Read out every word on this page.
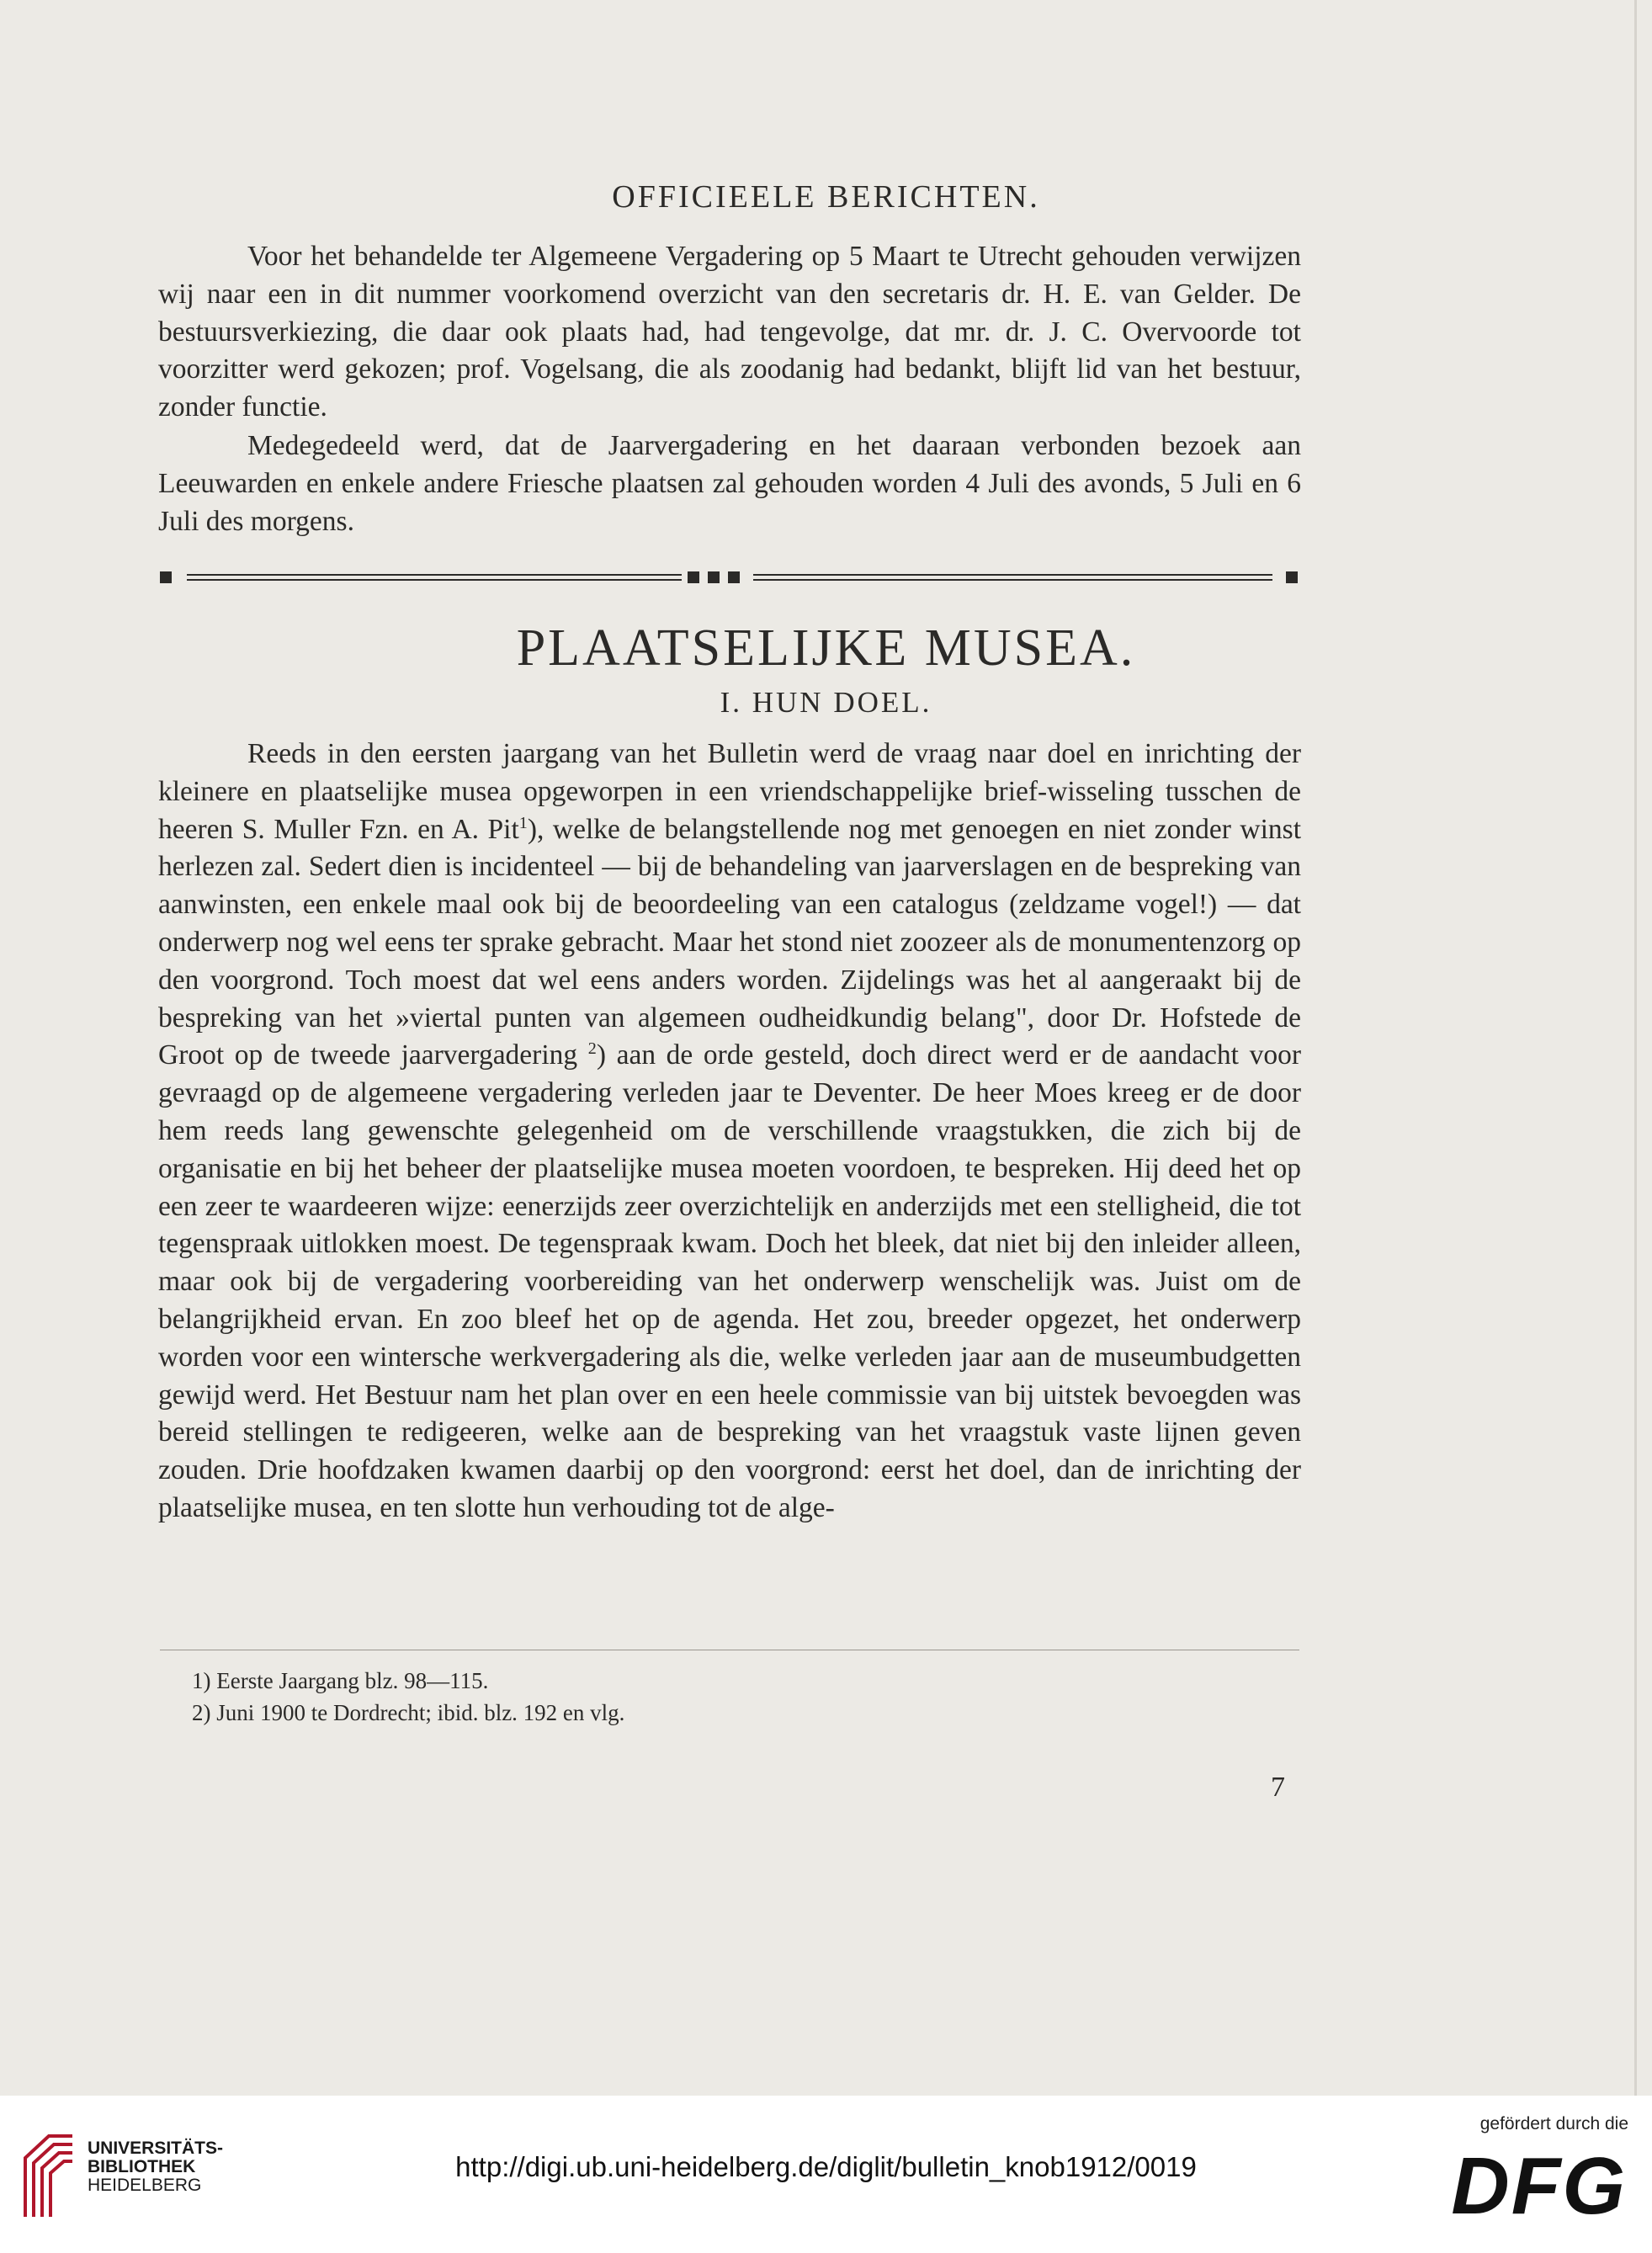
OFFICIEELE BERICHTEN.

Voor het behandelde ter Algemeene Vergadering op 5 Maart te Utrecht gehouden verwijzen wij naar een in dit nummer voorkomend overzicht van den secretaris dr. H. E. van Gelder. De bestuursverkiezing, die daar ook plaats had, had tengevolge, dat mr. dr. J. C. Overvoorde tot voorzitter werd gekozen; prof. Vogelsang, die als zoodanig had bedankt, blijft lid van het bestuur, zonder functie.

Medegedeeld werd, dat de Jaarvergadering en het daaraan verbonden bezoek aan Leeuwarden en enkele andere Friesche plaatsen zal gehouden worden 4 Juli des avonds, 5 Juli en 6 Juli des morgens.

PLAATSELIJKE MUSEA.
I. HUN DOEL.

Reeds in den eersten jaargang van het Bulletin werd de vraag naar doel en inrichting der kleinere en plaatselijke musea opgeworpen in een vriendschappelijke brief-wisseling tusschen de heeren S. Muller Fzn. en A. Pit$^1$), welke de belangstellende nog met genoegen en niet zonder winst herlezen zal. Sedert dien is incidenteel — bij de behandeling van jaarverslagen en de bespreking van aanwinsten, een enkele maal ook bij de beoordeeling van een catalogus (zeldzame vogel!) — dat onderwerp nog wel eens ter sprake gebracht. Maar het stond niet zoozeer als de monumentenzorg op den voorgrond. Toch moest dat wel eens anders worden. Zijdelings was het al aangeraakt bij de bespreking van het »viertal punten van algemeen oudheidkundig belang", door Dr. Hofstede de Groot op de tweede jaarvergadering $^2$) aan de orde gesteld, doch direct werd er de aandacht voor gevraagd op de algemeene vergadering verleden jaar te Deventer. De heer Moes kreeg er de door hem reeds lang gewenschte gelegenheid om de verschillende vraagstukken, die zich bij de organisatie en bij het beheer der plaatselijke musea moeten voordoen, te bespreken. Hij deed het op een zeer te waardeeren wijze: eenerzijds zeer overzichtelijk en anderzijds met een stelligheid, die tot tegenspraak uitlokken moest. De tegenspraak kwam. Doch het bleek, dat niet bij den inleider alleen, maar ook bij de vergadering voorbereiding van het onderwerp wenschelijk was. Juist om de belangrijkheid ervan. En zoo bleef het op de agenda. Het zou, breeder opgezet, het onderwerp worden voor een wintersche werkvergadering als die, welke verleden jaar aan de museumbudgetten gewijd werd. Het Bestuur nam het plan over en een heele commissie van bij uitstek bevoegden was bereid stellingen te redigeeren, welke aan de bespreking van het vraagstuk vaste lijnen geven zouden. Drie hoofdzaken kwamen daarbij op den voorgrond: eerst het doel, dan de inrichting der plaatselijke musea, en ten slotte hun verhouding tot de alge-

1) Eerste Jaargang blz. 98—115.
2) Juni 1900 te Dordrecht; ibid. blz. 192 en vlg.
7
UNIVERSITÄTS-
BIBLIOTHEK
HEIDELBERG
http://digi.ub.uni-heidelberg.de/diglit/bulletin_knob1912/0019
gefördert durch die
DFG
